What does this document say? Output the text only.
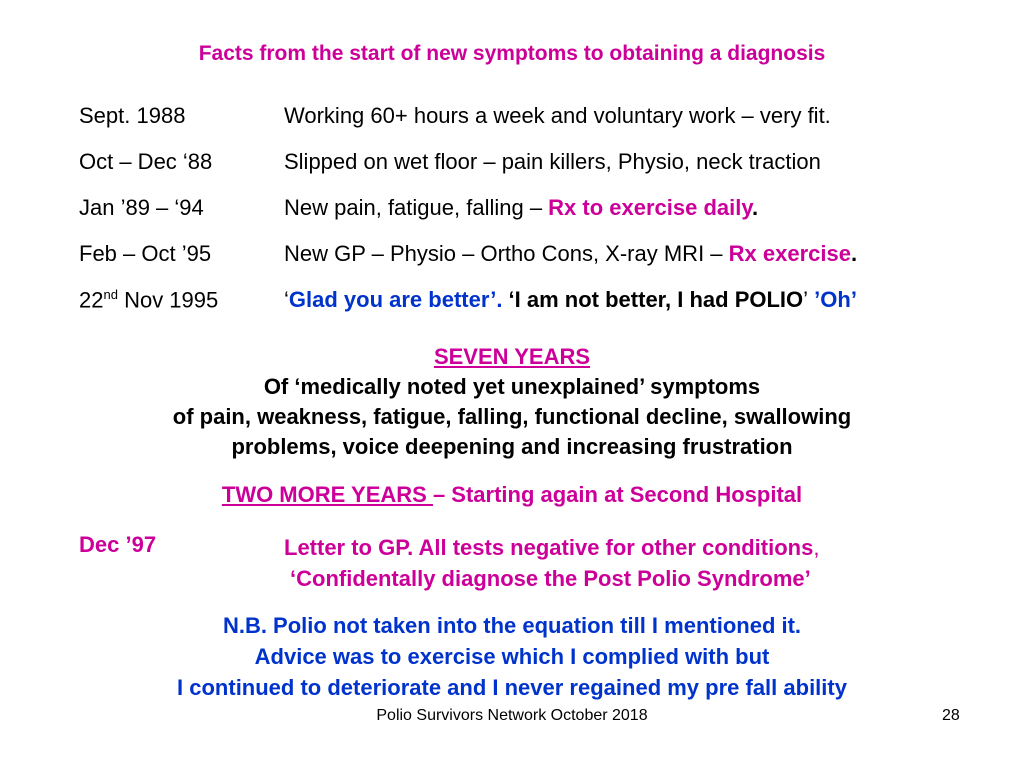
Facts from the start of new symptoms to obtaining a diagnosis
Sept. 1988	Working 60+ hours a week and voluntary work – very fit.
Oct – Dec ‘88	Slipped on wet floor – pain killers, Physio, neck traction
Jan ’89 – ‘94	New pain, fatigue, falling – Rx to exercise daily.
Feb – Oct ’95	New GP – Physio – Ortho Cons, X-ray MRI – Rx exercise.
22nd Nov 1995	‘Glad you are better’. ‘I am not better, I had POLIO’ ’Oh’
SEVEN YEARS
Of ‘medically noted yet unexplained’ symptoms
of pain, weakness, fatigue, falling, functional decline, swallowing
problems, voice deepening and increasing frustration
TWO MORE YEARS – Starting again at Second Hospital
Dec ’97	Letter to GP. All tests negative for other conditions,
‘Confidentally diagnose the Post Polio Syndrome’
N.B. Polio not taken into the equation till I mentioned it.
Advice was to exercise which I complied with but
I continued to deteriorate and I never regained my pre fall ability
Polio Survivors Network October 2018	28
